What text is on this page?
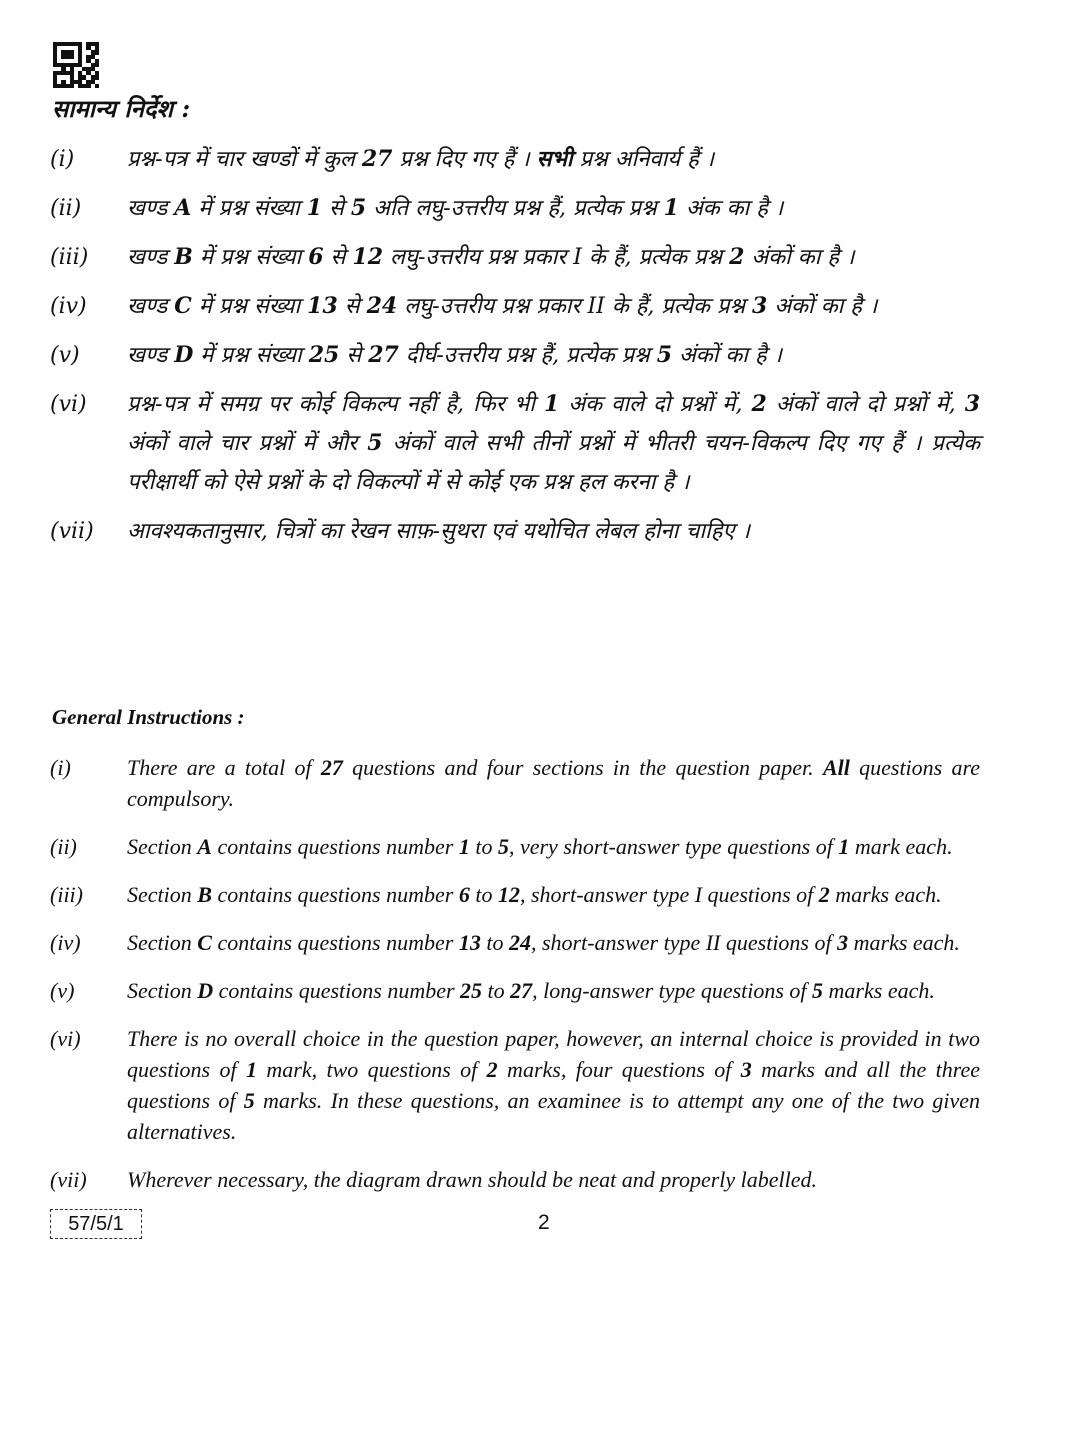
सामान्य निर्देश :
(i)	प्रश्न-पत्र में चार खण्डों में कुल 27 प्रश्न दिए गए हैं । सभी प्रश्न अनिवार्य हैं ।
(ii)	खण्ड A में प्रश्न संख्या 1 से 5 अति लघु-उत्तरीय प्रश्न हैं, प्रत्येक प्रश्न 1 अंक का है ।
(iii)	खण्ड B में प्रश्न संख्या 6 से 12 लघु-उत्तरीय प्रश्न प्रकार I के हैं, प्रत्येक प्रश्न 2 अंकों का है ।
(iv)	खण्ड C में प्रश्न संख्या 13 से 24 लघु-उत्तरीय प्रश्न प्रकार II के हैं, प्रत्येक प्रश्न 3 अंकों का है ।
(v)	खण्ड D में प्रश्न संख्या 25 से 27 दीर्घ-उत्तरीय प्रश्न हैं, प्रत्येक प्रश्न 5 अंकों का है ।
(vi)	प्रश्न-पत्र में समग्र पर कोई विकल्प नहीं है, फिर भी 1 अंक वाले दो प्रश्नों में, 2 अंकों वाले दो प्रश्नों में, 3 अंकों वाले चार प्रश्नों में और 5 अंकों वाले सभी तीनों प्रश्नों में भीतरी चयन-विकल्प दिए गए हैं । प्रत्येक परीक्षार्थी को ऐसे प्रश्नों के दो विकल्पों में से कोई एक प्रश्न हल करना है ।
(vii)	आवश्यकतानुसार, चित्रों का रेखन साफ़-सुथरा एवं यथोचित लेबल होना चाहिए ।
General Instructions :
(i)	There are a total of 27 questions and four sections in the question paper. All questions are compulsory.
(ii)	Section A contains questions number 1 to 5, very short-answer type questions of 1 mark each.
(iii)	Section B contains questions number 6 to 12, short-answer type I questions of 2 marks each.
(iv)	Section C contains questions number 13 to 24, short-answer type II questions of 3 marks each.
(v)	Section D contains questions number 25 to 27, long-answer type questions of 5 marks each.
(vi)	There is no overall choice in the question paper, however, an internal choice is provided in two questions of 1 mark, two questions of 2 marks, four questions of 3 marks and all the three questions of 5 marks. In these questions, an examinee is to attempt any one of the two given alternatives.
(vii)	Wherever necessary, the diagram drawn should be neat and properly labelled.
57/5/1	2
